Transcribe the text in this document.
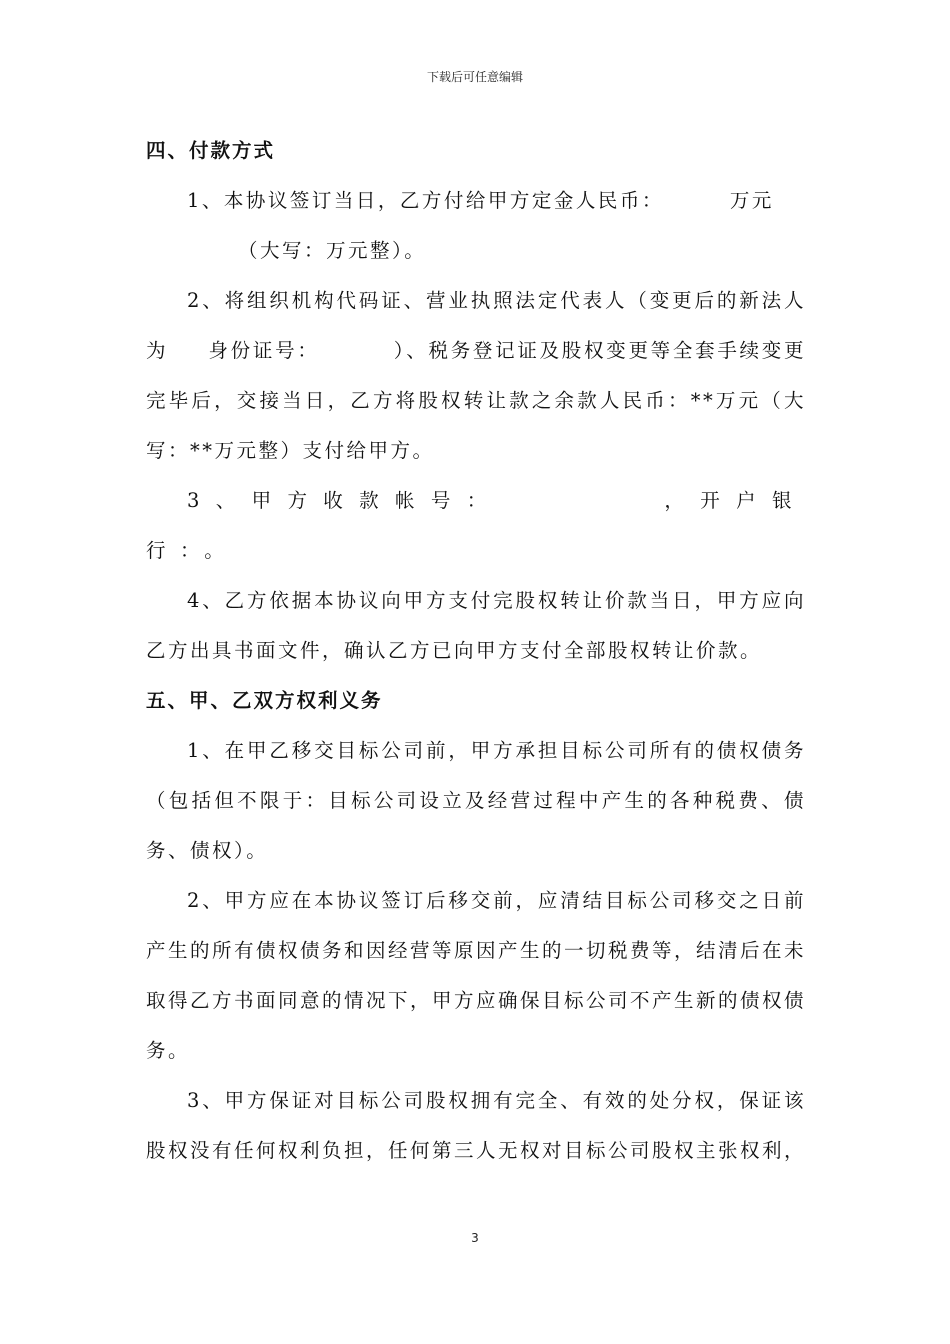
下载后可任意编辑
四、付款方式
1、本协议签订当日，乙方付给甲方定金人民币：	万元
（大写：万元整）。
2、将组织机构代码证、营业执照法定代表人（变更后的新法人为 身份证号：	）、税务登记证及股权变更等全套手续变更完毕后，交接当日，乙方将股权转让款之余款人民币：**万元（大写：**万元整）支付给甲方。
3、甲方收款帐号：	，开户银行：。
4、乙方依据本协议向甲方支付完股权转让价款当日，甲方应向乙方出具书面文件，确认乙方已向甲方支付全部股权转让价款。
五、甲、乙双方权利义务
1、在甲乙移交目标公司前，甲方承担目标公司所有的债权债务（包括但不限于：目标公司设立及经营过程中产生的各种税费、债务、债权）。
2、甲方应在本协议签订后移交前，应清结目标公司移交之日前产生的所有债权债务和因经营等原因产生的一切税费等，结清后在未取得乙方书面同意的情况下，甲方应确保目标公司不产生新的债权债务。
3、甲方保证对目标公司股权拥有完全、有效的处分权，保证该股权没有任何权利负担，任何第三人无权对目标公司股权主张权利，
3
